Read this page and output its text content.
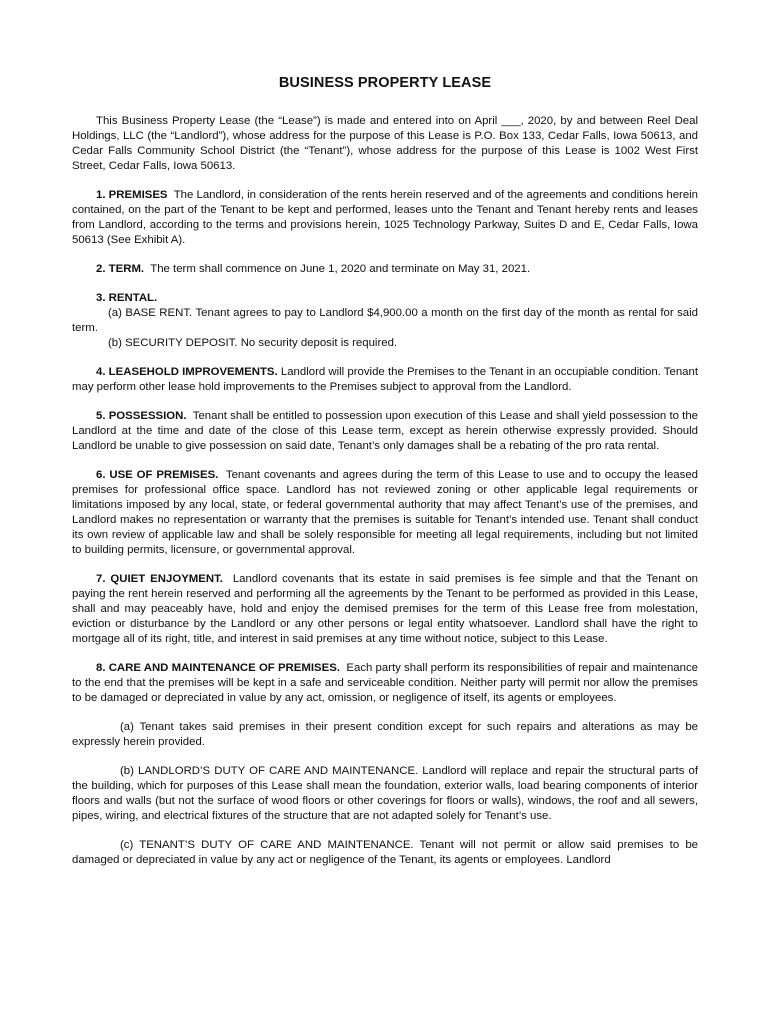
BUSINESS PROPERTY LEASE

This Business Property Lease (the “Lease”) is made and entered into on April ___, 2020, by and between Reel Deal Holdings, LLC (the “Landlord”), whose address for the purpose of this Lease is P.O. Box 133, Cedar Falls, Iowa 50613, and Cedar Falls Community School District (the “Tenant”), whose address for the purpose of this Lease is 1002 West First Street, Cedar Falls, Iowa 50613.

1. PREMISES The Landlord, in consideration of the rents herein reserved and of the agreements and conditions herein contained, on the part of the Tenant to be kept and performed, leases unto the Tenant and Tenant hereby rents and leases from Landlord, according to the terms and provisions herein, 1025 Technology Parkway, Suites D and E, Cedar Falls, Iowa 50613 (See Exhibit A).

2. TERM. The term shall commence on June 1, 2020 and terminate on May 31, 2021.

3. RENTAL.

(a) BASE RENT. Tenant agrees to pay to Landlord $4,900.00 a month on the first day of the month as rental for said term.

(b) SECURITY DEPOSIT. No security deposit is required.

4. LEASEHOLD IMPROVEMENTS. Landlord will provide the Premises to the Tenant in an occupiable condition. Tenant may perform other lease hold improvements to the Premises subject to approval from the Landlord.

5. POSSESSION. Tenant shall be entitled to possession upon execution of this Lease and shall yield possession to the Landlord at the time and date of the close of this Lease term, except as herein otherwise expressly provided. Should Landlord be unable to give possession on said date, Tenant’s only damages shall be a rebating of the pro rata rental.

6. USE OF PREMISES. Tenant covenants and agrees during the term of this Lease to use and to occupy the leased premises for professional office space. Landlord has not reviewed zoning or other applicable legal requirements or limitations imposed by any local, state, or federal governmental authority that may affect Tenant’s use of the premises, and Landlord makes no representation or warranty that the premises is suitable for Tenant’s intended use. Tenant shall conduct its own review of applicable law and shall be solely responsible for meeting all legal requirements, including but not limited to building permits, licensure, or governmental approval.

7. QUIET ENJOYMENT. Landlord covenants that its estate in said premises is fee simple and that the Tenant on paying the rent herein reserved and performing all the agreements by the Tenant to be performed as provided in this Lease, shall and may peaceably have, hold and enjoy the demised premises for the term of this Lease free from molestation, eviction or disturbance by the Landlord or any other persons or legal entity whatsoever. Landlord shall have the right to mortgage all of its right, title, and interest in said premises at any time without notice, subject to this Lease.

8. CARE AND MAINTENANCE OF PREMISES. Each party shall perform its responsibilities of repair and maintenance to the end that the premises will be kept in a safe and serviceable condition. Neither party will permit nor allow the premises to be damaged or depreciated in value by any act, omission, or negligence of itself, its agents or employees.

(a) Tenant takes said premises in their present condition except for such repairs and alterations as may be expressly herein provided.

(b) LANDLORD’S DUTY OF CARE AND MAINTENANCE. Landlord will replace and repair the structural parts of the building, which for purposes of this Lease shall mean the foundation, exterior walls, load bearing components of interior floors and walls (but not the surface of wood floors or other coverings for floors or walls), windows, the roof and all sewers, pipes, wiring, and electrical fixtures of the structure that are not adapted solely for Tenant’s use.

(c) TENANT’S DUTY OF CARE AND MAINTENANCE. Tenant will not permit or allow said premises to be damaged or depreciated in value by any act or negligence of the Tenant, its agents or employees. Landlord
